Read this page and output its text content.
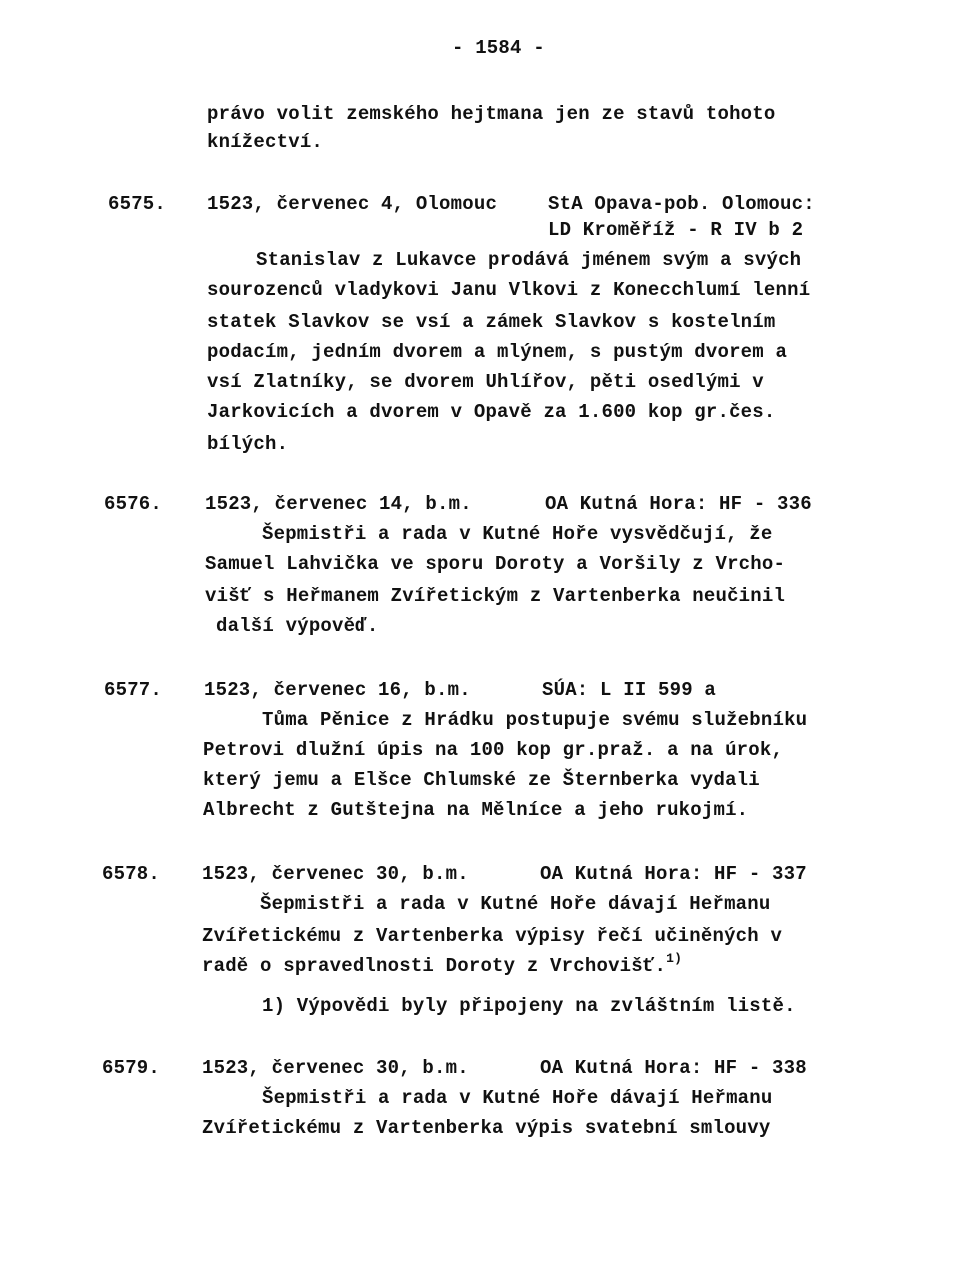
- 1584 -
právo volit zemského hejtmana jen ze stavů tohoto
knížectví.
6575. 1523, červenec 4, Olomouc	StA Opava-pob. Olomouc:
LD Kroměříž - R IV b 2
Stanislav z Lukavce prodává jménem svým a svých
sourozenců vladykovi Janu Vlkovi z Konecchlumí lenní
statek Slavkov se vsí a zámek Slavkov s kostelním
podacím, jedním dvorem a mlýnem, s pustým dvorem a
vsí Zlatníky, se dvorem Uhlířov, pěti osedlými v
Jarkovicích a dvorem v Opavě za 1.600 kop gr.čes.
bílých.
6576. 1523, červenec 14, b.m.	OA Kutná Hora: HF - 336
Šepmistři a rada v Kutné Hoře vysvědčují, že
Samuel Lahvička ve sporu Doroty a Voršily z Vrcho-
višť s Heřmanem Zvířetickým z Vartenberka neučinil
další výpověď.
6577. 1523, červenec 16, b.m.	SÚA: L II 599 a
Tůma Pěnice z Hrádku postupuje svému služebníku
Petrovi dlužní úpis na 100 kop gr.praž. a na úrok,
který jemu a Elšce Chlumské ze Šternberka vydali
Albrecht z Gutštejna na Mělníce a jeho rukojmí.
6578. 1523, červenec 30, b.m.	OA Kutná Hora: HF - 337
Šepmistři a rada v Kutné Hoře dávají Heřmanu
Zvířetickému z Vartenberka výpisy řečí učiněných v
radě o spravedlnosti Doroty z Vrchovišť.$^{1)}$
1) Výpovědi byly připojeny na zvláštním listě.
6579. 1523, červenec 30, b.m.	OA Kutná Hora: HF - 338
Šepmistři a rada v Kutné Hoře dávají Heřmanu
Zvířetickému z Vartenberka výpis svatební smlouvy
